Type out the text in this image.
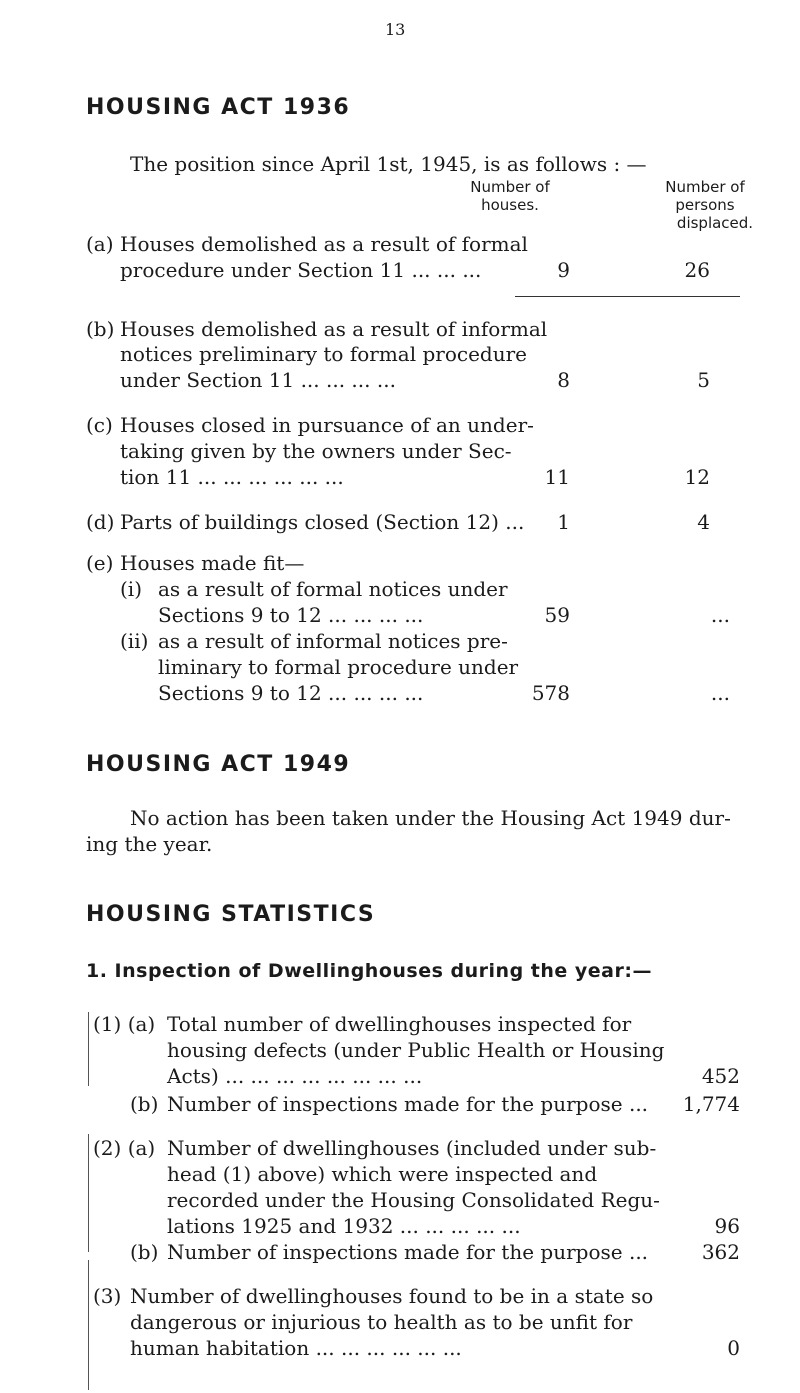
13
HOUSING ACT 1936
The position since April 1st, 1945, is as follows : —
Number of
houses.
Number of
persons
displaced.
(a) Houses demolished as a result of formal
procedure under Section 11 ... ... ...	9	26
(b) Houses demolished as a result of informal
notices preliminary to formal procedure
under Section 11 ... ... ... ...	8	5
(c) Houses closed in pursuance of an under-
taking given by the owners under Sec-
tion 11 ... ... ... ... ... ...	11	12
(d) Parts of buildings closed (Section 12) ...	1	4
(e) Houses made fit—
(i) as a result of formal notices under
Sections 9 to 12 ... ... ... ...	59	...
(ii) as a result of informal notices pre-
liminary to formal procedure under
Sections 9 to 12 ... ... ... ...	578	...
HOUSING ACT 1949
No action has been taken under the Housing Act 1949 dur-
ing the year.
HOUSING STATISTICS
1. Inspection of Dwellinghouses during the year:—
(1) (a) Total number of dwellinghouses inspected for
housing defects (under Public Health or Housing
Acts) ... ... ... ... ... ... ... ...	452
(b) Number of inspections made for the purpose ...	1,774
(2) (a) Number of dwellinghouses (included under sub-
head (1) above) which were inspected and
recorded under the Housing Consolidated Regu-
lations 1925 and 1932 ... ... ... ... ...	96
(b) Number of inspections made for the purpose ...	362
(3) Number of dwellinghouses found to be in a state so
dangerous or injurious to health as to be unfit for
human habitation ... ... ... ... ... ...	0
